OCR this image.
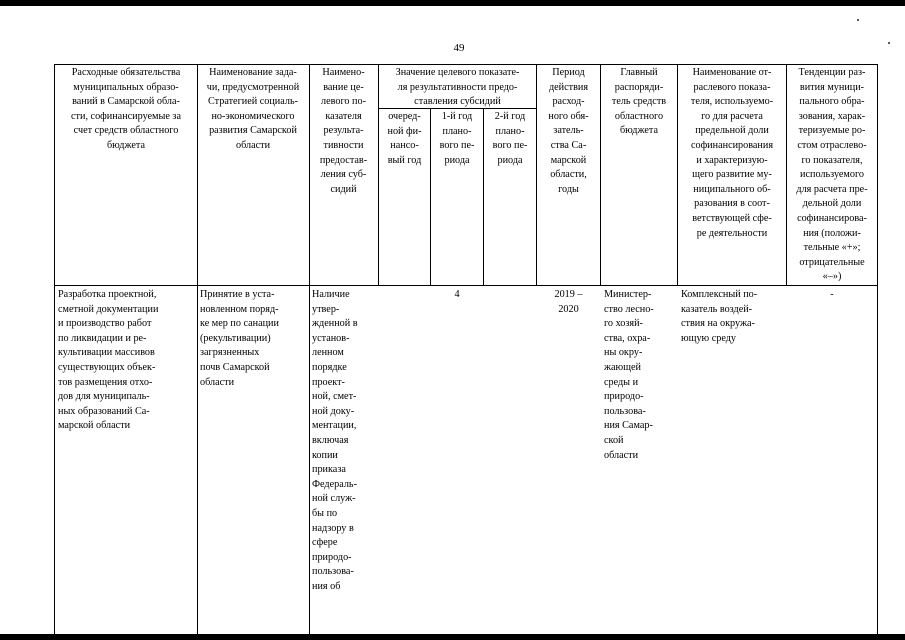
49
Расходные обязательства
муниципальных образо-
ваний в Самарской обла-
сти, софинансируемые за
счет средств областного
бюджета
Наименование зада-
чи, предусмотренной
Стратегией социаль-
но-экономического
развития Самарской
области
Наимено-
вание це-
левого по-
казателя
результа-
тивности
предостав-
ления суб-
сидий
Значение целевого показате-
ля результативности предо-
ставления субсидий
очеред-
ной фи-
нансо-
вый год
1-й год
плано-
вого пе-
риода
2-й год
плано-
вого пе-
риода
Период
действия
расход-
ного обя-
затель-
ства Са-
марской
области,
годы
Главный
распоряди-
тель средств
областного
бюджета
Наименование от-
раслевого показа-
теля, используемо-
го для расчета
предельной доли
софинансирования
и характеризую-
щего развитие му-
ниципального об-
разования в соот-
ветствующей сфе-
ре деятельности
Тенденции раз-
вития муници-
пального обра-
зования, харак-
теризуемые ро-
стом отраслево-
го показателя,
используемого
для расчета пре-
дельной доли
софинансирова-
ния (положи-
тельные «+»;
отрицательные
«–»)
Разработка проектной,
сметной документации
и производство работ
по ликвидации и ре-
культивации массивов
существующих объек-
тов размещения отхо-
дов для муниципаль-
ных образований Са-
марской области
Принятие в уста-
новленном поряд-
ке мер по санации
(рекультивации)
загрязненных
почв Самарской
области
Наличие
утвер-
жденной в
установ-
ленном
порядке
проект-
ной, смет-
ной доку-
ментации,
включая
копии
приказа
Федераль-
ной служ-
бы по
надзору в
сфере
природо-
пользова-
ния об
4	2019 –
2020
Министер-
ство лесно-
го хозяй-
ства, охра-
ны окру-
жающей
среды и
природо-
пользова-
ния Самар-
ской
области
Комплексный по-
казатель воздей-
ствия на окружа-
ющую среду
-
